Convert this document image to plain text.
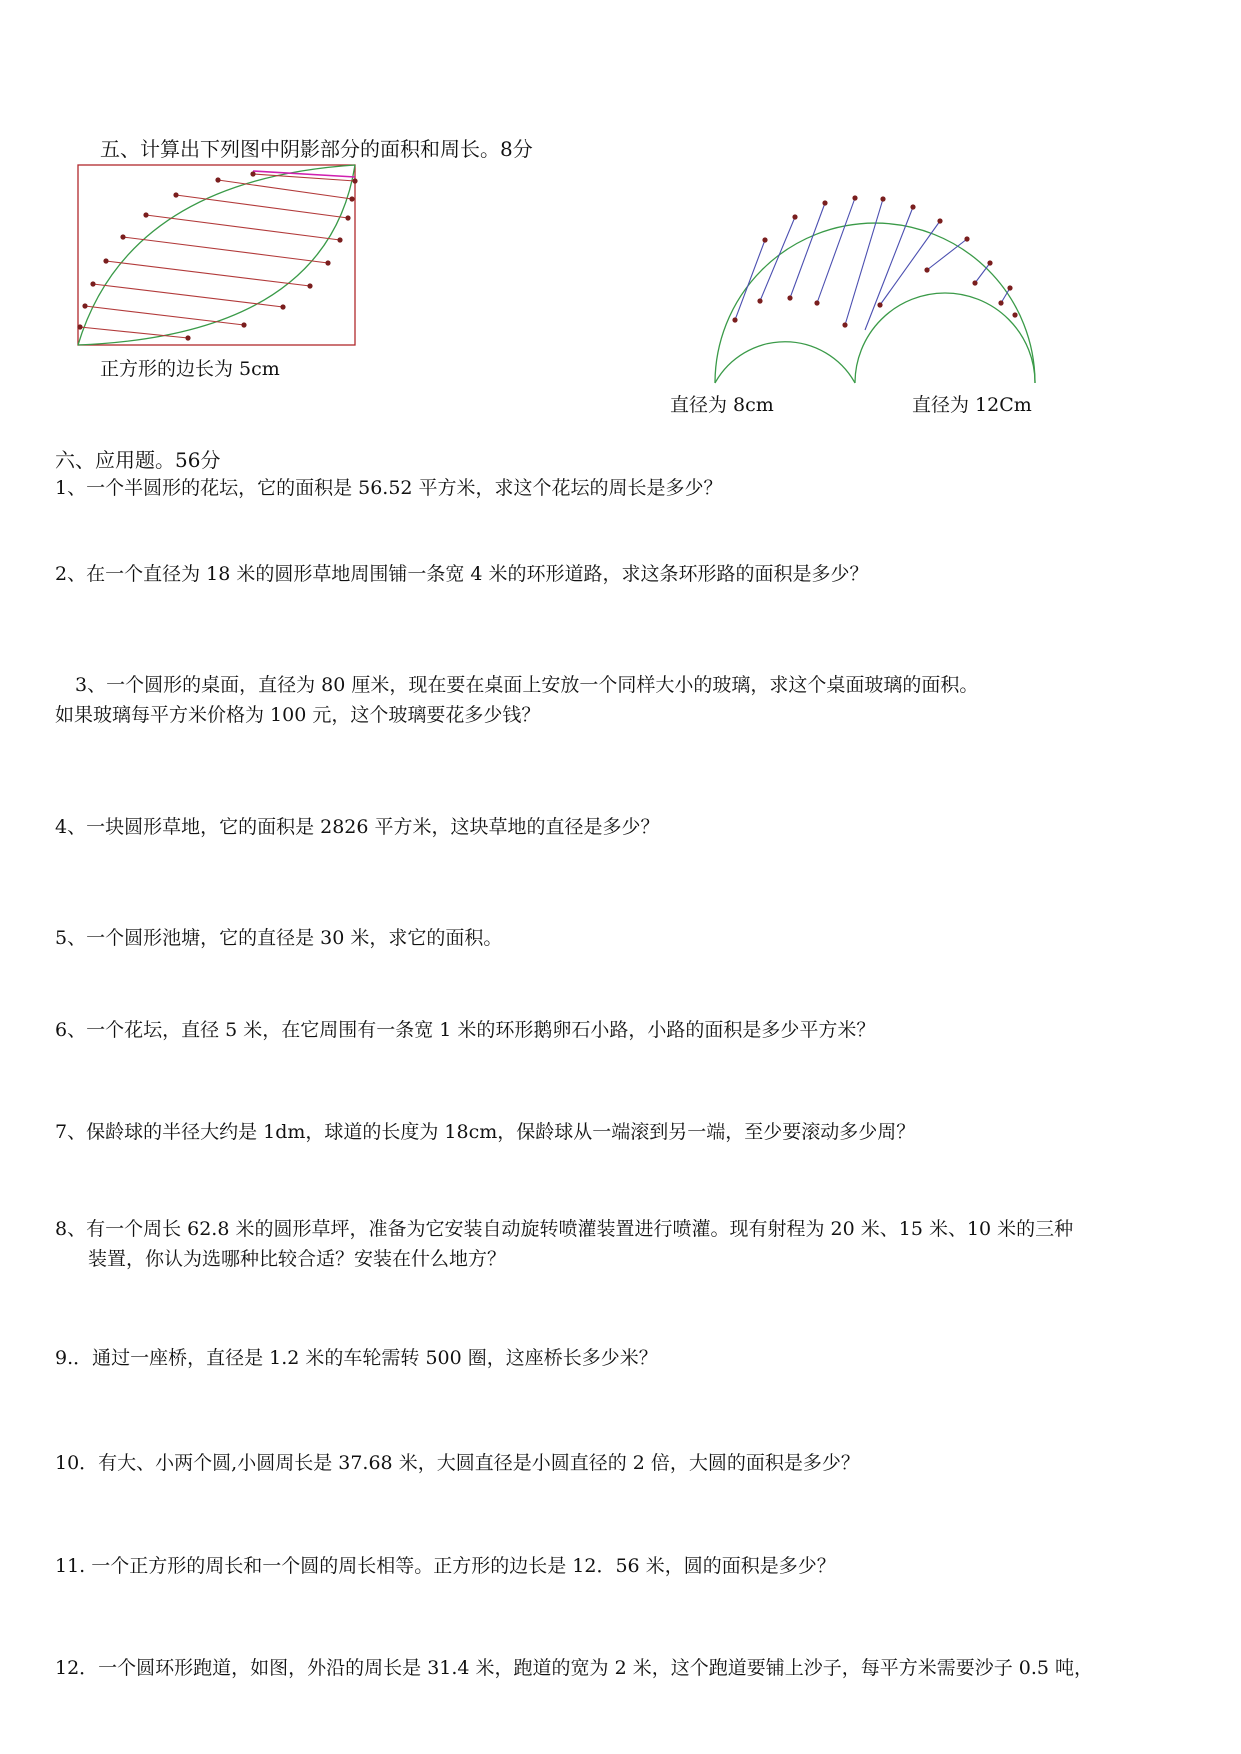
五、计算出下列图中阴影部分的面积和周长。8分

正方形的边长为 5cm

直径为 8cm	直径为 12Cm

六、应用题。56分

1、一个半圆形的花坛，它的面积是 56.52 平方米，求这个花坛的周长是多少？

2、在一个直径为 18 米的圆形草地周围铺一条宽 4 米的环形道路，求这条环形路的面积是多少？

3、一个圆形的桌面，直径为 80 厘米，现在要在桌面上安放一个同样大小的玻璃，求这个桌面玻璃的面积。

如果玻璃每平方米价格为 100 元，这个玻璃要花多少钱？

4、一块圆形草地，它的面积是 2826 平方米，这块草地的直径是多少？

5、一个圆形池塘，它的直径是 30 米，求它的面积。

6、一个花坛，直径 5 米，在它周围有一条宽 1 米的环形鹅卵石小路，小路的面积是多少平方米？

7、保龄球的半径大约是 1dm，球道的长度为 18cm，保龄球从一端滚到另一端，至少要滚动多少周？

8、有一个周长 62.8 米的圆形草坪，准备为它安装自动旋转喷灌装置进行喷灌。现有射程为 20 米、15 米、10 米的三种

装置，你认为选哪种比较合适？安装在什么地方？

9.．通过一座桥，直径是 1.2 米的车轮需转 500 圈，这座桥长多少米？

10．有大、小两个圆,小圆周长是 37.68 米，大圆直径是小圆直径的 2 倍，大圆的面积是多少？

11. 一个正方形的周长和一个圆的周长相等。正方形的边长是 12．56 米，圆的面积是多少？

12．一个圆环形跑道，如图，外沿的周长是 31.4 米，跑道的宽为 2 米，这个跑道要铺上沙子，每平方米需要沙子 0.5 吨，
